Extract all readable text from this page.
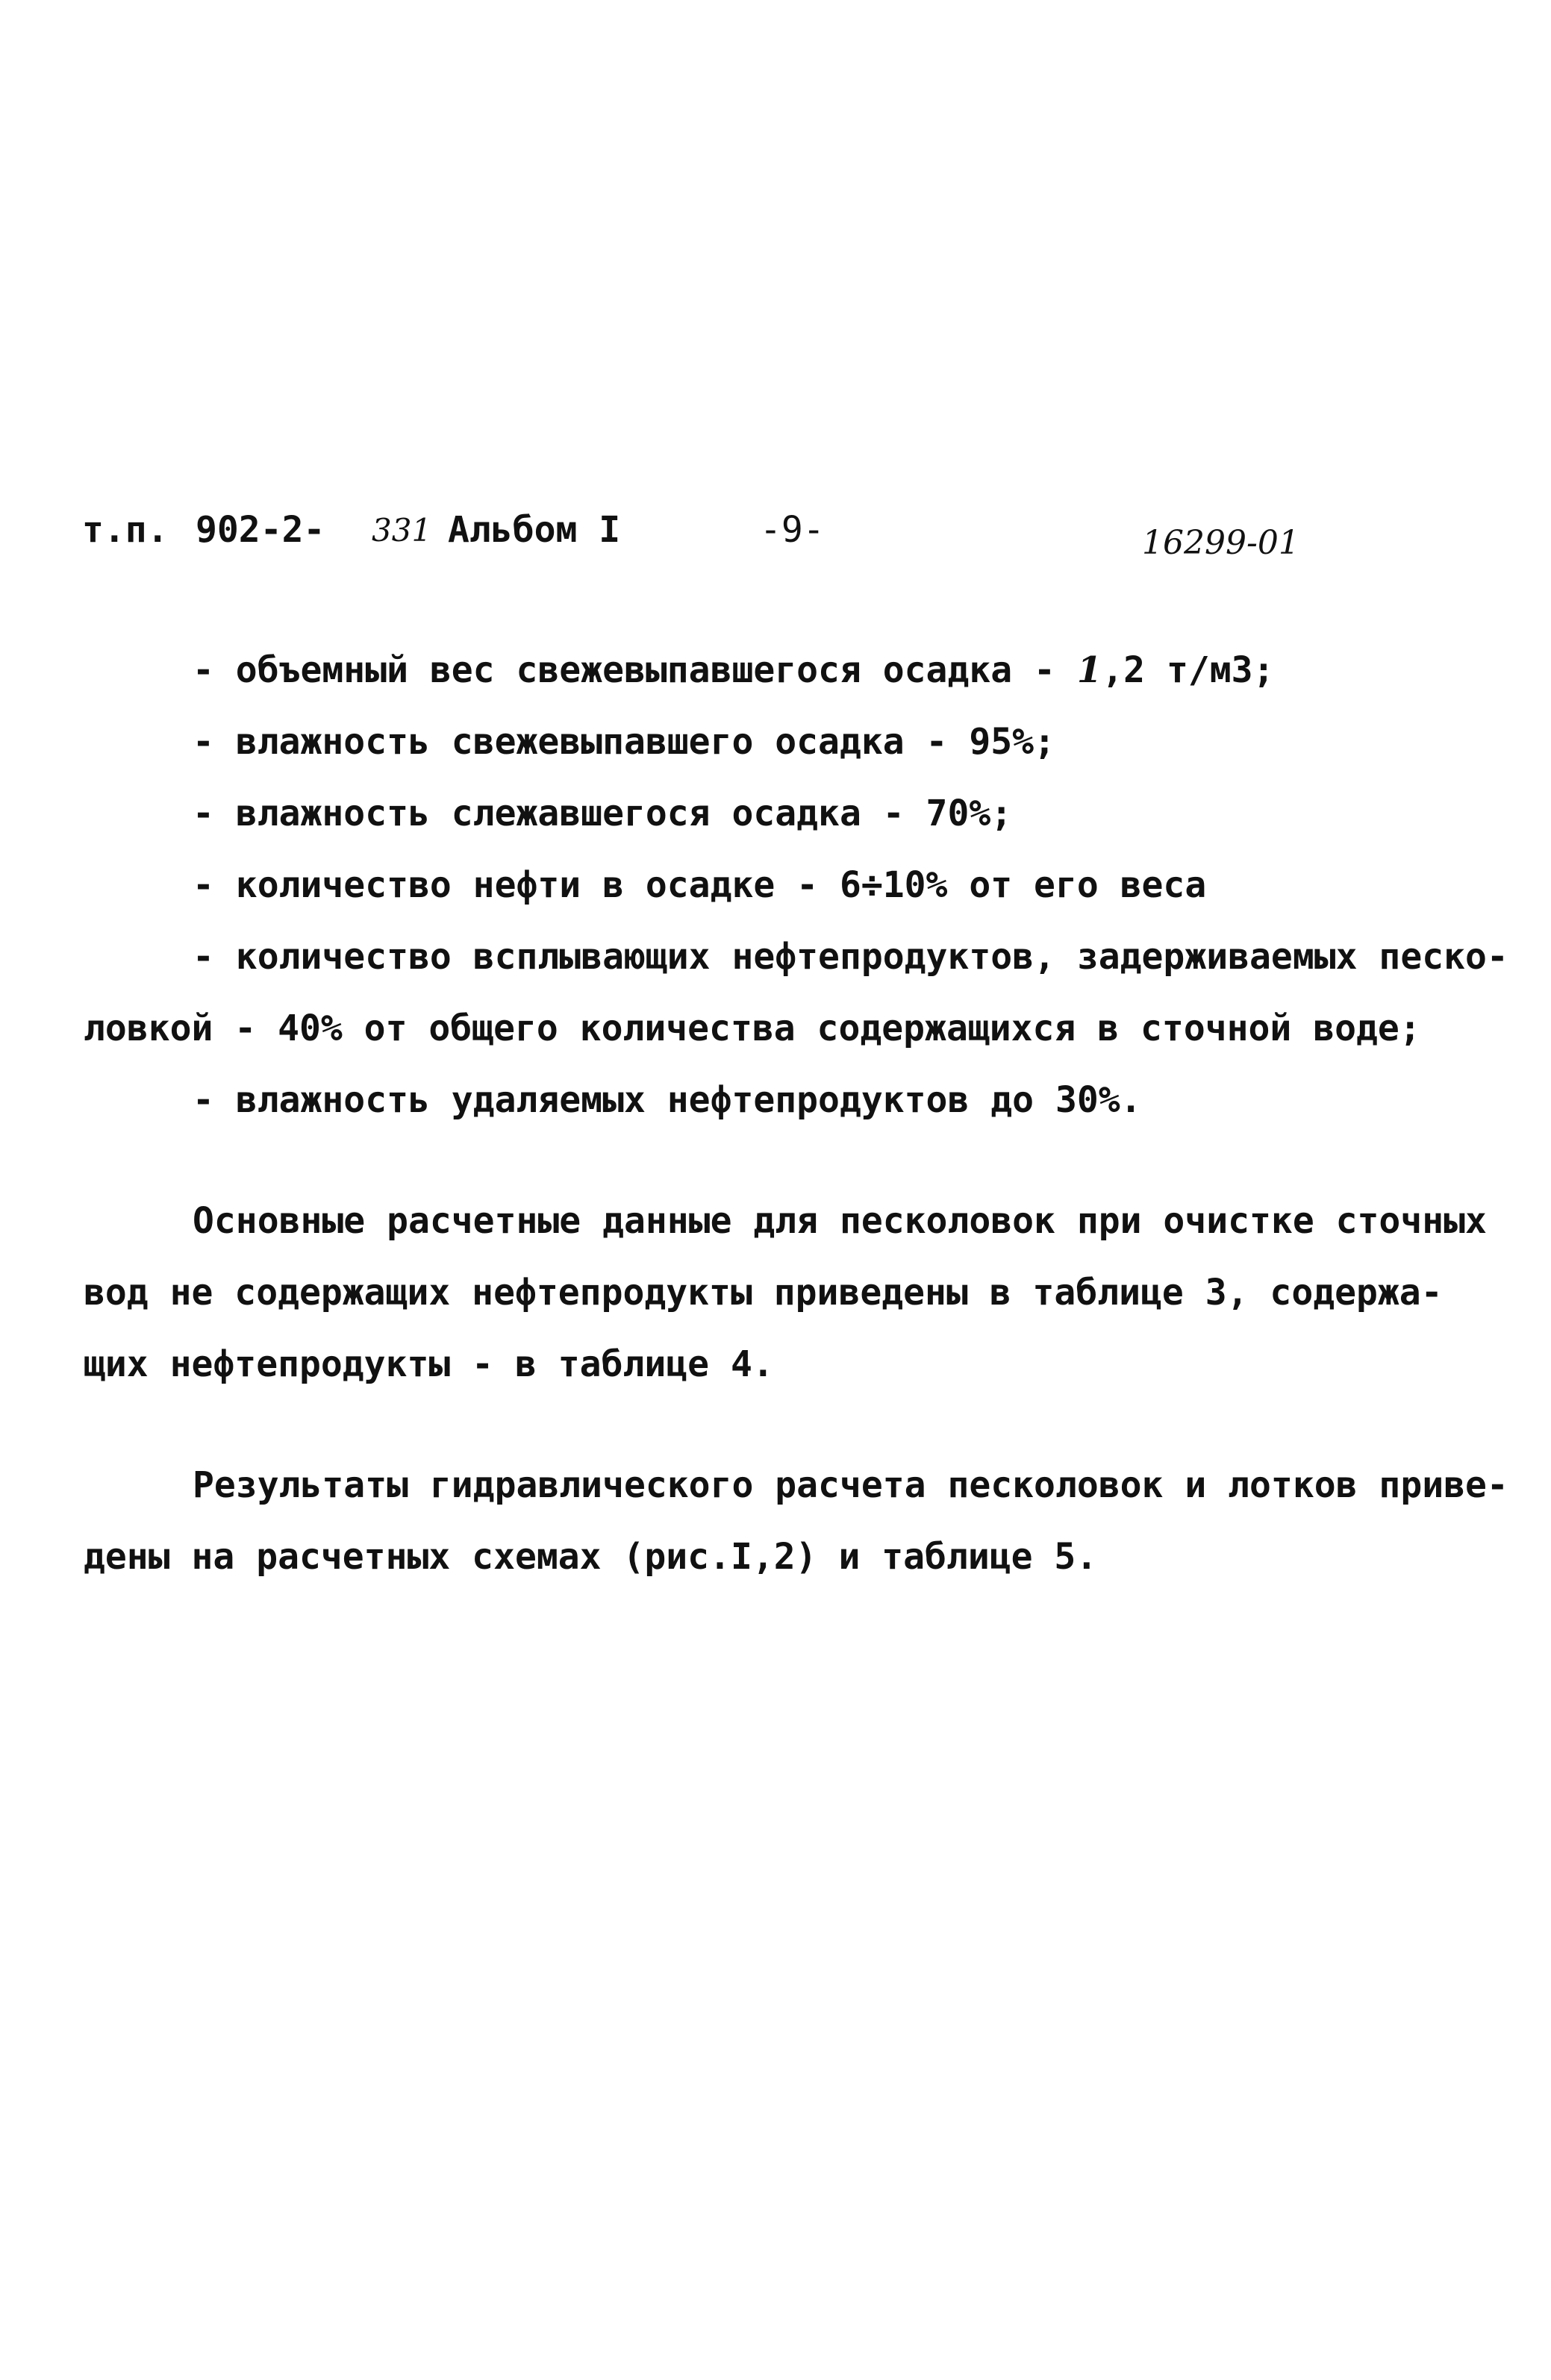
т.п. 902-2- 331 Альбом I	-9-	16299-01
- объемный вес свежевыпавшегося осадка - 1,2 т/м3;
- влажность свежевыпавшего осадка - 95%;
- влажность слежавшегося осадка - 70%;
- количество нефти в осадке - 6÷10% от его веса
- количество всплывающих нефтепродуктов, задерживаемых песко-
ловкой - 40% от общего количества содержащихся в сточной воде;
- влажность удаляемых нефтепродуктов до 30%.
Основные расчетные данные для песколовок при очистке сточных
вод не содержащих нефтепродукты приведены в таблице 3, содержа-
щих нефтепродукты - в таблице 4.
Результаты гидравлического расчета песколовок и лотков приве-
дены на расчетных схемах (рис.I,2) и таблице 5.
